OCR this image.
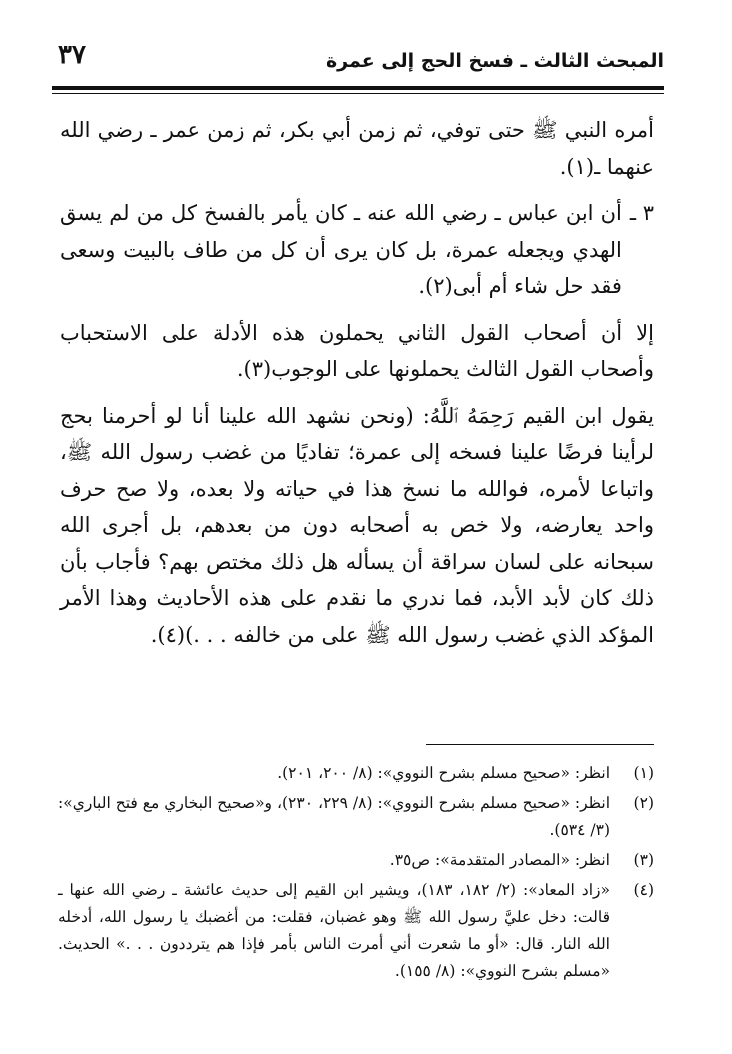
٣٧	المبحث الثالث ـ فسخ الحج إلى عمرة

أمره النبي ﷺ حتى توفي، ثم زمن أبي بكر، ثم زمن عمر ـ رضي الله عنهما ـ(١).

٣ ـ
أن ابن عباس ـ رضي الله عنه ـ كان يأمر بالفسخ كل من لم يسق الهدي ويجعله عمرة، بل كان يرى أن كل من طاف بالبيت وسعى فقد حل شاء أم أبى(٢).

إلا أن أصحاب القول الثاني يحملون هذه الأدلة على الاستحباب وأصحاب القول الثالث يحملونها على الوجوب(٣).

يقول ابن القيم رَحِمَهُ ٱللَّهُ: (ونحن نشهد الله علينا أنا لو أحرمنا بحج لرأينا فرضًا علينا فسخه إلى عمرة؛ تفاديًا من غضب رسول الله ﷺ، واتباعا لأمره، فوالله ما نسخ هذا في حياته ولا بعده، ولا صح حرف واحد يعارضه، ولا خص به أصحابه دون من بعدهم، بل أجرى الله سبحانه على لسان سراقة أن يسأله هل ذلك مختص بهم؟ فأجاب بأن ذلك كان لأبد الأبد، فما ندري ما نقدم على هذه الأحاديث وهذا الأمر المؤكد الذي غضب رسول الله ﷺ على من خالفه . . .)(٤).

(١)
انظر: «صحيح مسلم بشرح النووي»: (٨/ ٢٠٠، ٢٠١).
(٢)
انظر: «صحيح مسلم بشرح النووي»: (٨/ ٢٢٩، ٢٣٠)، و«صحيح البخاري مع فتح الباري»: (٣/ ٥٣٤).
(٣)
انظر: «المصادر المتقدمة»: ص٣٥.
(٤)
«زاد المعاد»: (٢/ ١٨٢، ١٨٣)، ويشير ابن القيم إلى حديث عائشة ـ رضي الله عنها ـ قالت: دخل عليَّ رسول الله ﷺ وهو غضبان، فقلت: من أغضبك يا رسول الله، أدخله الله النار. قال: «أو ما شعرت أني أمرت الناس بأمر فإذا هم يترددون . . .» الحديث. «مسلم بشرح النووي»: (٨/ ١٥٥).
